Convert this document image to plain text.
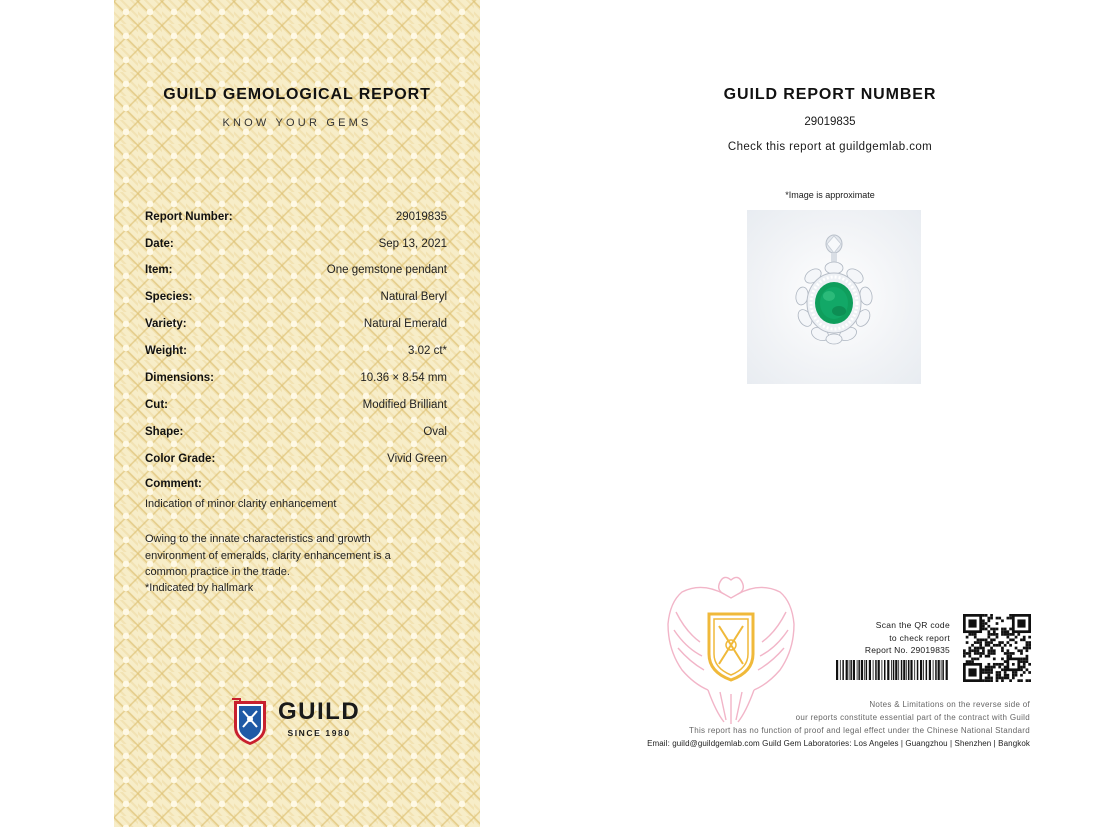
GUILD GEMOLOGICAL REPORT
KNOW YOUR GEMS
Report Number:	29019835
Date:	Sep 13, 2021
Item:	One gemstone pendant
Species:	Natural Beryl
Variety:	Natural Emerald
Weight:	3.02 ct*
Dimensions:	10.36 × 8.54 mm
Cut:	Modified Brilliant
Shape:	Oval
Color Grade:	Vivid Green
Comment:
Indication of minor clarity enhancement
Owing to the innate characteristics and growth
environment of emeralds, clarity enhancement is a
common practice in the trade.
*Indicated by hallmark
GUILD
SINCE 1980
GUILD REPORT NUMBER
29019835
Check this report at guildgemlab.com
*Image is approximate
Scan the QR code
to check report
Report No. 29019835
Notes & Limitations on the reverse side of
our reports constitute essential part of the contract with Guild
This report has no function of proof and legal effect under the Chinese National Standard
Email: guild@guildgemlab.com Guild Gem Laboratories: Los Angeles | Guangzhou | Shenzhen | Bangkok
